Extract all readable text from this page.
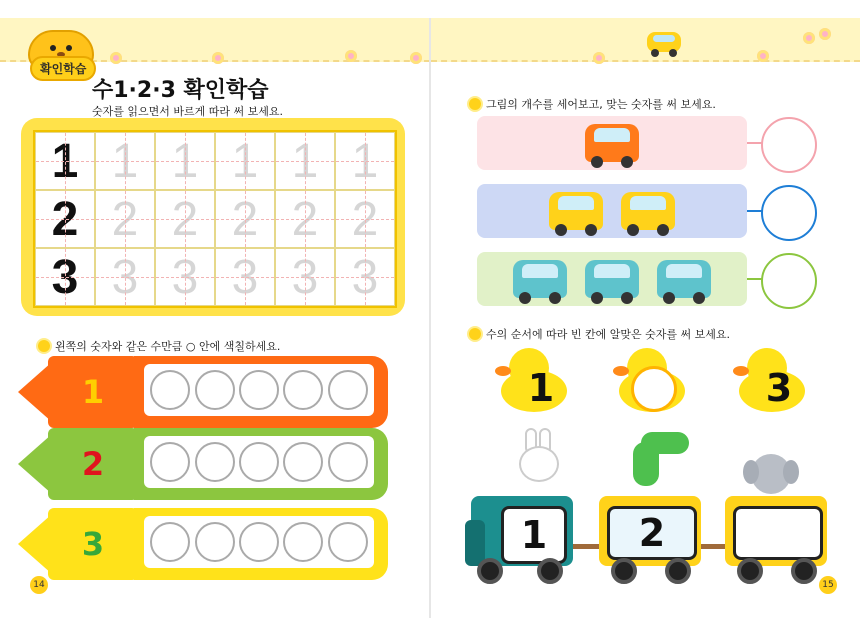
확인학습
수1·2·3 확인학습
숫자를 읽으면서 바르게 따라 써 보세요.
1 1 1 1 1 1
2 2 2 2 2 2
3 3 3 3 3 3
왼쪽의 숫자와 같은 수만큼 ○ 안에 색칠하세요.
1
2
3
14
그림의 개수를 세어보고, 맞는 숫자를 써 보세요.
수의 순서에 따라 빈 칸에 알맞은 숫자를 써 보세요.
1	3
1	2
15
